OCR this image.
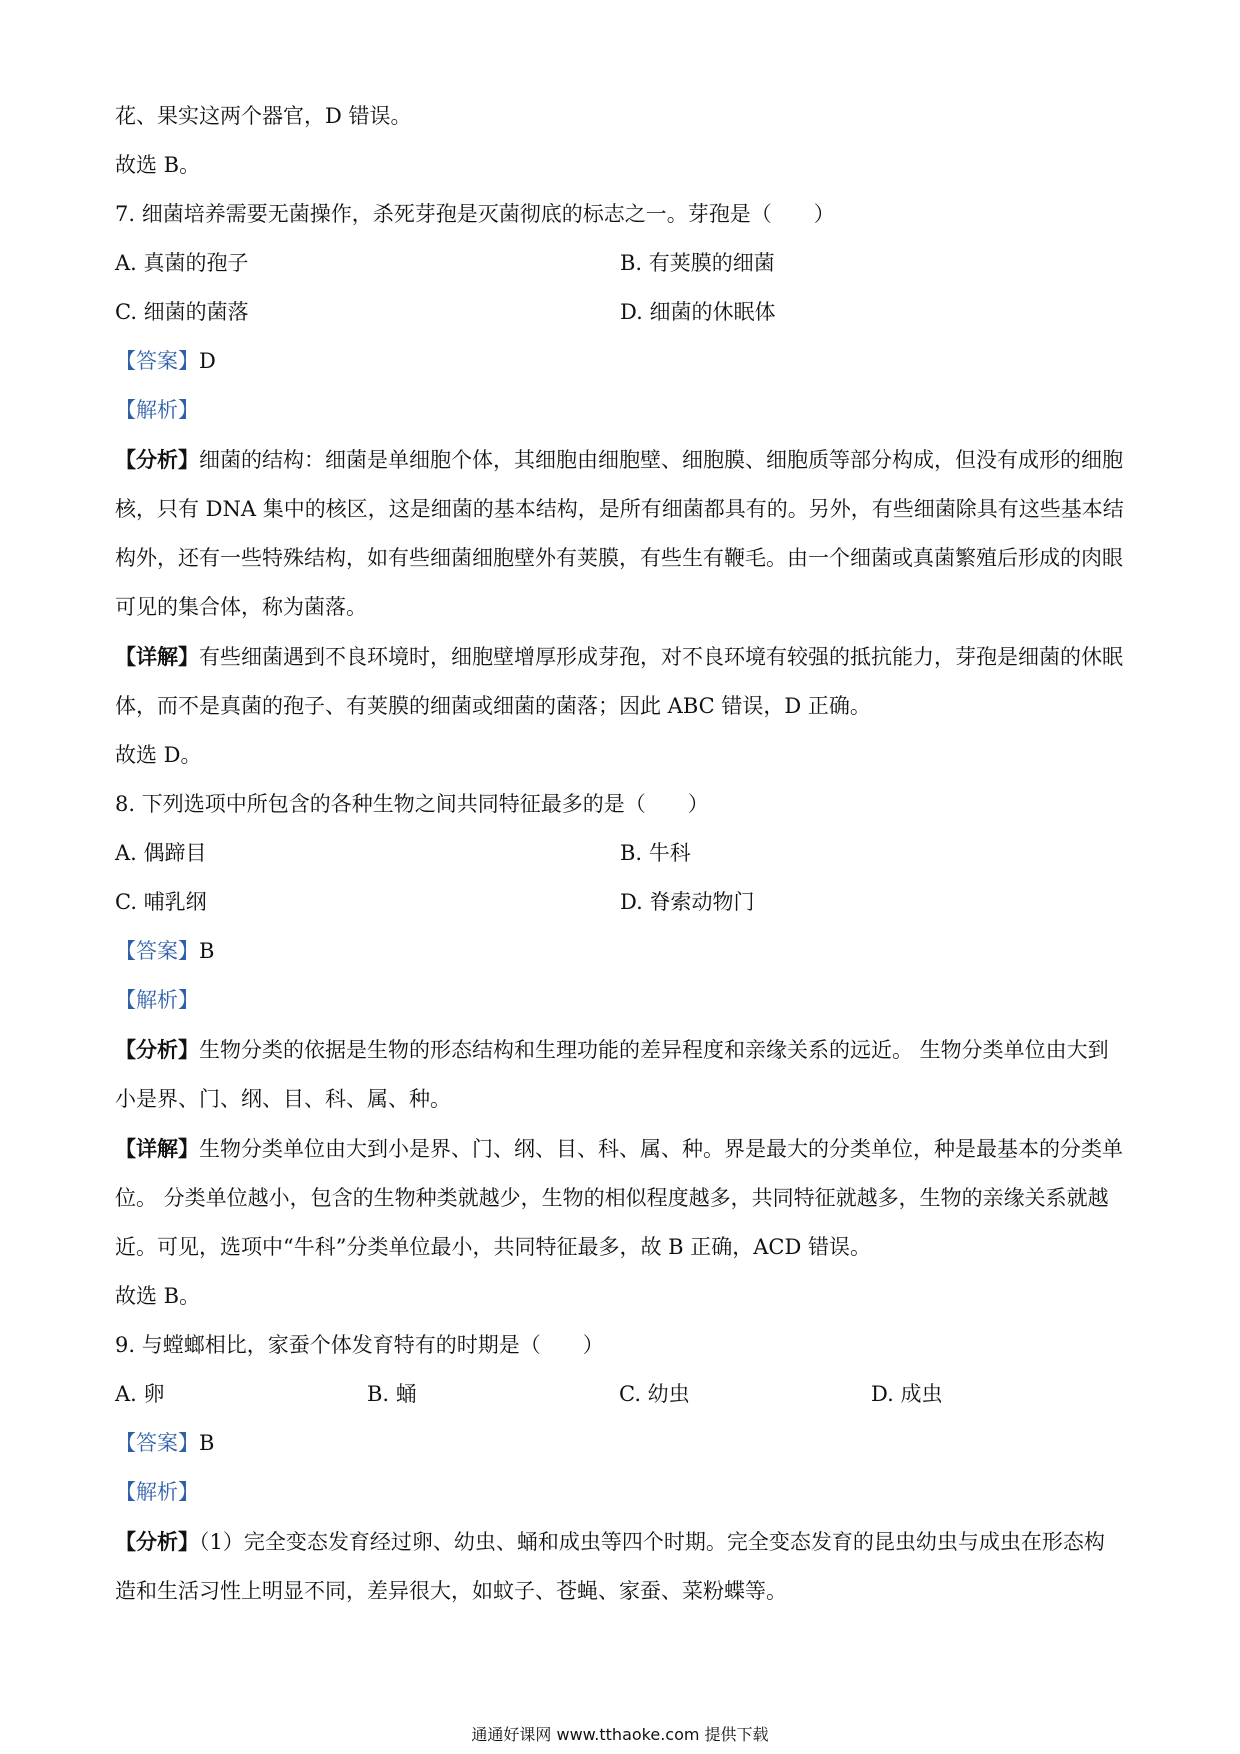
花、果实这两个器官，D 错误。
故选 B。
7. 细菌培养需要无菌操作，杀死芽孢是灭菌彻底的标志之一。芽孢是（　　）
A. 真菌的孢子	B. 有荚膜的细菌
C. 细菌的菌落	D. 细菌的休眠体
【答案】D
【解析】
【分析】细菌的结构：细菌是单细胞个体，其细胞由细胞壁、细胞膜、细胞质等部分构成，但没有成形的细胞核，只有 DNA 集中的核区，这是细菌的基本结构，是所有细菌都具有的。另外，有些细菌除具有这些基本结构外，还有一些特殊结构，如有些细菌细胞壁外有荚膜，有些生有鞭毛。由一个细菌或真菌繁殖后形成的肉眼可见的集合体，称为菌落。
【详解】有些细菌遇到不良环境时，细胞壁增厚形成芽孢，对不良环境有较强的抵抗能力，芽孢是细菌的休眠体，而不是真菌的孢子、有荚膜的细菌或细菌的菌落；因此 ABC 错误，D 正确。
故选 D。
8. 下列选项中所包含的各种生物之间共同特征最多的是（　　）
A. 偶蹄目	B. 牛科
C. 哺乳纲	D. 脊索动物门
【答案】B
【解析】
【分析】生物分类的依据是生物的形态结构和生理功能的差异程度和亲缘关系的远近。 生物分类单位由大到小是界、门、纲、目、科、属、种。
【详解】生物分类单位由大到小是界、门、纲、目、科、属、种。界是最大的分类单位，种是最基本的分类单位。 分类单位越小，包含的生物种类就越少，生物的相似程度越多，共同特征就越多，生物的亲缘关系就越近。可见，选项中“牛科”分类单位最小，共同特征最多，故 B 正确，ACD 错误。
故选 B。
9. 与螳螂相比，家蚕个体发育特有的时期是（　　）
A. 卵	B. 蛹	C. 幼虫	D. 成虫
【答案】B
【解析】
【分析】（1）完全变态发育经过卵、幼虫、蛹和成虫等四个时期。完全变态发育的昆虫幼虫与成虫在形态构造和生活习性上明显不同，差异很大，如蚊子、苍蝇、家蚕、菜粉蝶等。
通通好课网 www.tthaoke.com 提供下载
